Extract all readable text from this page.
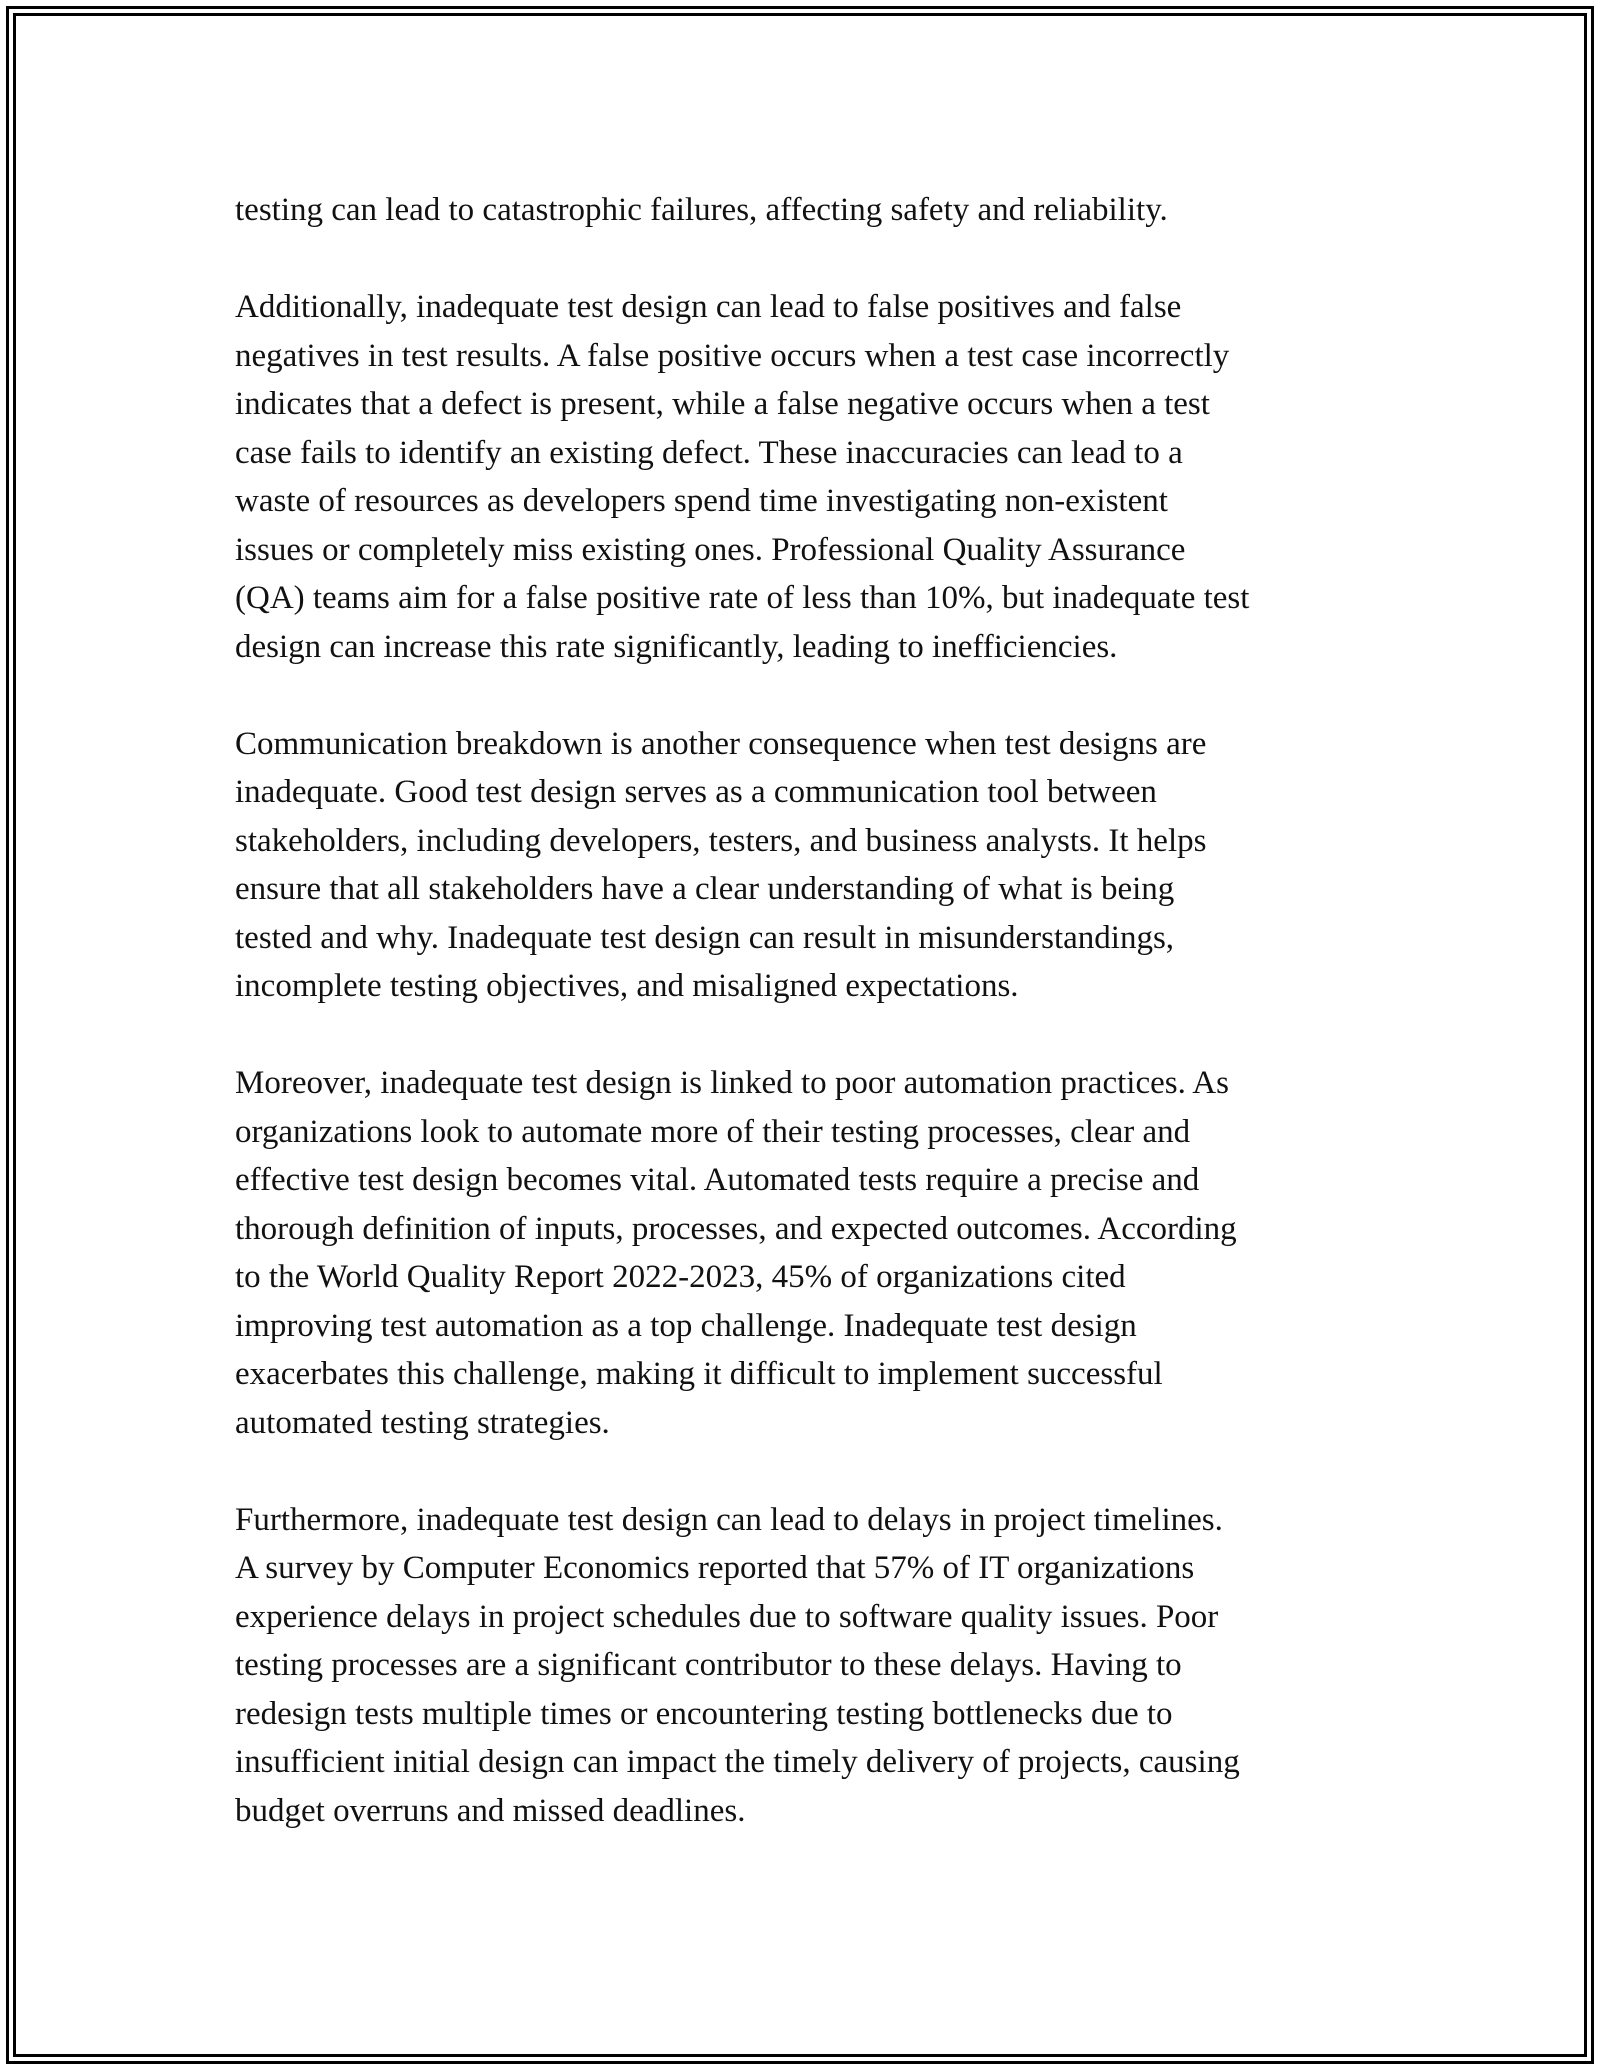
testing can lead to catastrophic failures, affecting safety and reliability.

Additionally, inadequate test design can lead to false positives and false
negatives in test results. A false positive occurs when a test case incorrectly
indicates that a defect is present, while a false negative occurs when a test
case fails to identify an existing defect. These inaccuracies can lead to a
waste of resources as developers spend time investigating non-existent
issues or completely miss existing ones. Professional Quality Assurance
(QA) teams aim for a false positive rate of less than 10%, but inadequate test
design can increase this rate significantly, leading to inefficiencies.

Communication breakdown is another consequence when test designs are
inadequate. Good test design serves as a communication tool between
stakeholders, including developers, testers, and business analysts. It helps
ensure that all stakeholders have a clear understanding of what is being
tested and why. Inadequate test design can result in misunderstandings,
incomplete testing objectives, and misaligned expectations.

Moreover, inadequate test design is linked to poor automation practices. As
organizations look to automate more of their testing processes, clear and
effective test design becomes vital. Automated tests require a precise and
thorough definition of inputs, processes, and expected outcomes. According
to the World Quality Report 2022-2023, 45% of organizations cited
improving test automation as a top challenge. Inadequate test design
exacerbates this challenge, making it difficult to implement successful
automated testing strategies.

Furthermore, inadequate test design can lead to delays in project timelines.
A survey by Computer Economics reported that 57% of IT organizations
experience delays in project schedules due to software quality issues. Poor
testing processes are a significant contributor to these delays. Having to
redesign tests multiple times or encountering testing bottlenecks due to
insufficient initial design can impact the timely delivery of projects, causing
budget overruns and missed deadlines.
